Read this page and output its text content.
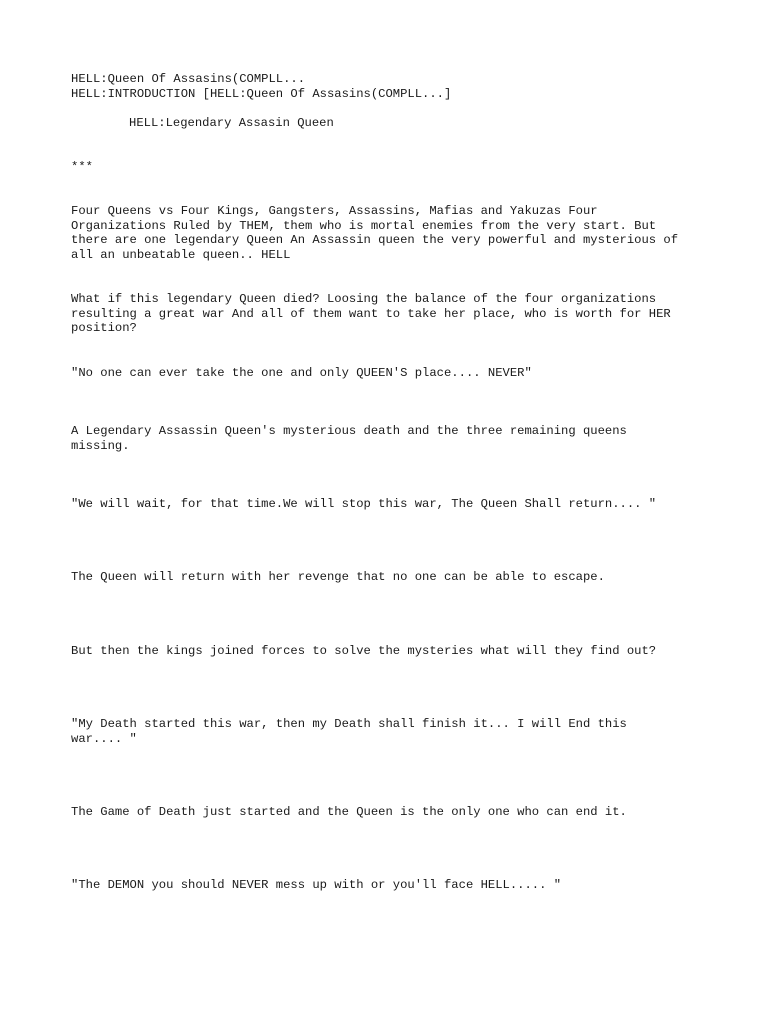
HELL:Queen Of Assasins(COMPLL...
HELL:INTRODUCTION [HELL:Queen Of Assasins(COMPLL...]
HELL:Legendary Assasin Queen
***
Four Queens vs Four Kings, Gangsters, Assassins, Mafias and Yakuzas Four
Organizations Ruled by THEM, them who is mortal enemies from the very start. But
there are one legendary Queen An Assassin queen the very powerful and mysterious of
all an unbeatable queen.. HELL
What if this legendary Queen died? Loosing the balance of the four organizations
resulting a great war And all of them want to take her place, who is worth for HER
position?
"No one can ever take the one and only QUEEN'S place.... NEVER"
A Legendary Assassin Queen's mysterious death and the three remaining queens
missing.
"We will wait, for that time.We will stop this war, The Queen Shall return.... "
The Queen will return with her revenge that no one can be able to escape.
But then the kings joined forces to solve the mysteries what will they find out?
"My Death started this war, then my Death shall finish it... I will End this
war.... "
The Game of Death just started and the Queen is the only one who can end it.
"The DEMON you should NEVER mess up with or you'll face HELL..... "
